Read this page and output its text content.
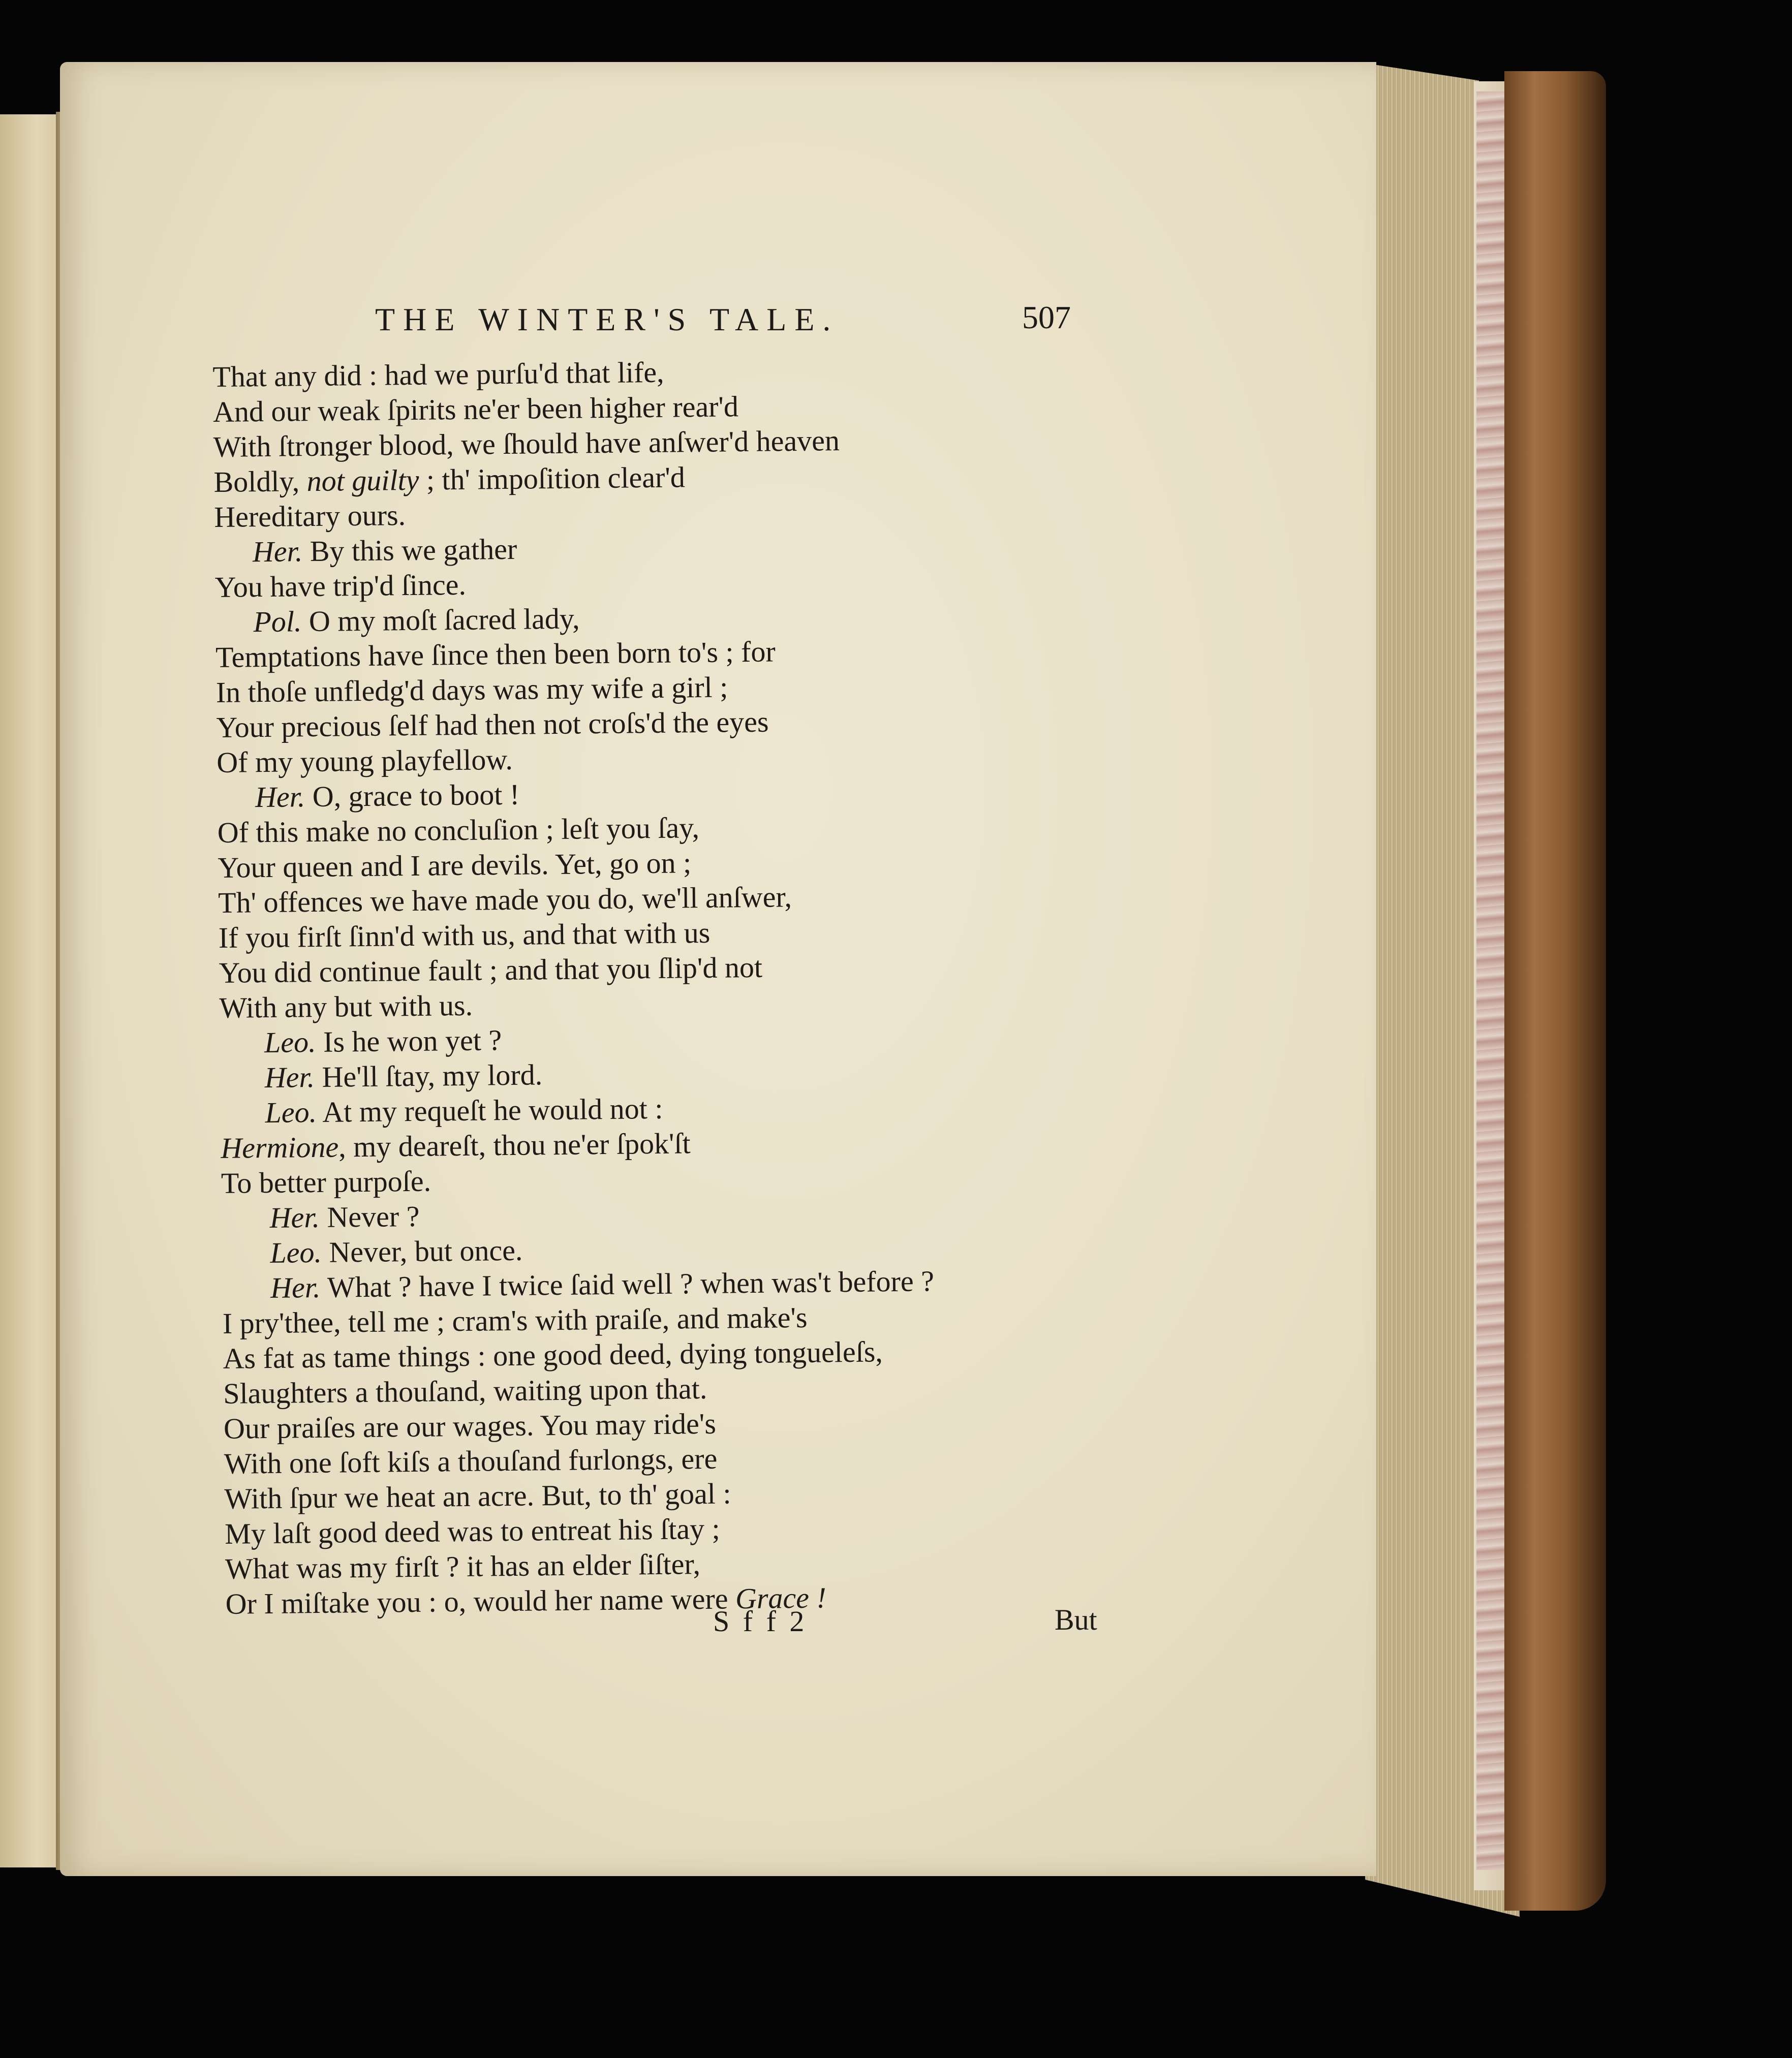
THE WINTER'S TALE.	507
That any did : had we purſu'd that life,
And our weak ſpirits ne'er been higher rear'd
With ſtronger blood, we ſhould have anſwer'd heaven
Boldly, not guilty ; th' impoſition clear'd
Hereditary ours.
Her. By this we gather
You have trip'd ſince.
Pol. O my moſt ſacred lady,
Temptations have ſince then been born to's ; for
In thoſe unfledg'd days was my wife a girl ;
Your precious ſelf had then not croſs'd the eyes
Of my young playfellow.
Her. O, grace to boot !
Of this make no concluſion ; leſt you ſay,
Your queen and I are devils. Yet, go on ;
Th' offences we have made you do, we'll anſwer,
If you firſt ſinn'd with us, and that with us
You did continue fault ; and that you ſlip'd not
With any but with us.
Leo. Is he won yet ?
Her. He'll ſtay, my lord.
Leo. At my requeſt he would not :
Hermione, my deareſt, thou ne'er ſpok'ſt
To better purpoſe.
Her. Never ?
Leo. Never, but once.
Her. What ? have I twice ſaid well ? when was't before ?
I pry'thee, tell me ; cram's with praiſe, and make's
As fat as tame things : one good deed, dying tongueleſs,
Slaughters a thouſand, waiting upon that.
Our praiſes are our wages. You may ride's
With one ſoft kiſs a thouſand furlongs, ere
With ſpur we heat an acre. But, to th' goal :
My laſt good deed was to entreat his ſtay ;
What was my firſt ? it has an elder ſiſter,
Or I miſtake you : o, would her name were Grace !
S f f 2	But
